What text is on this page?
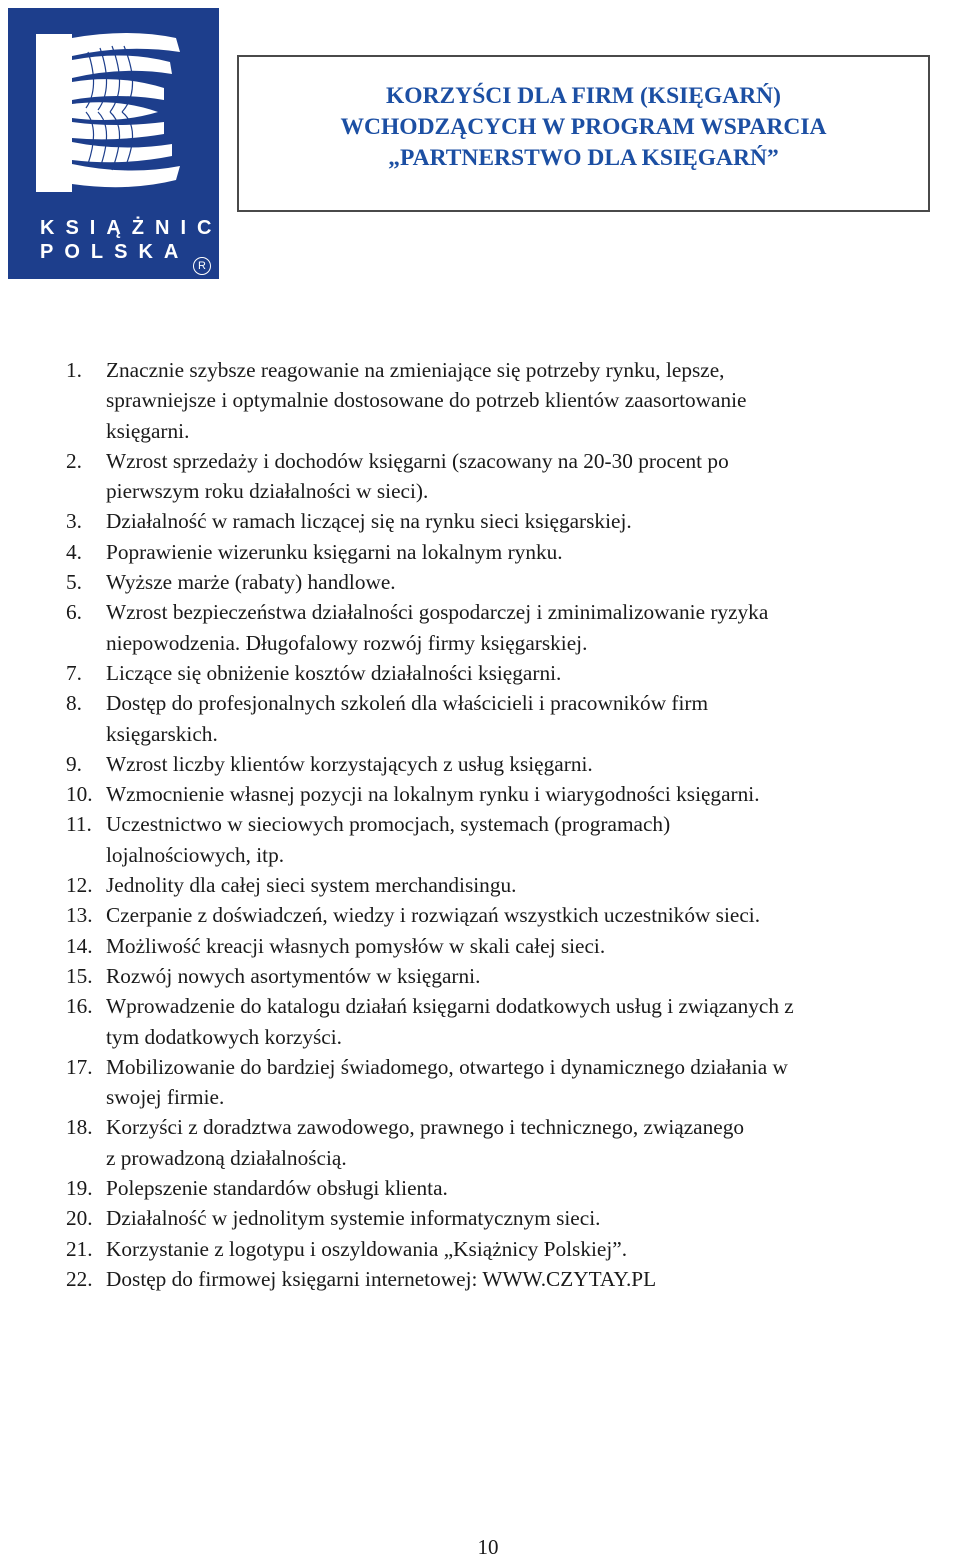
KSIĄŻNICA
POLSKA
R
KORZYŚCI DLA FIRM (KSIĘGARŃ)
WCHODZĄCYCH W PROGRAM WSPARCIA
„PARTNERSTWO DLA KSIĘGARŃ”
1. Znacznie szybsze reagowanie na zmieniające się potrzeby rynku, lepsze,
sprawniejsze i optymalnie dostosowane do potrzeb klientów zaasortowanie
księgarni.
2. Wzrost sprzedaży i dochodów księgarni (szacowany na 20-30 procent po
pierwszym roku działalności w sieci).
3. Działalność w ramach liczącej się na rynku sieci księgarskiej.
4. Poprawienie wizerunku księgarni na lokalnym rynku.
5. Wyższe marże (rabaty) handlowe.
6. Wzrost bezpieczeństwa działalności gospodarczej i zminimalizowanie ryzyka
niepowodzenia. Długofalowy rozwój firmy księgarskiej.
7. Liczące się obniżenie kosztów działalności księgarni.
8. Dostęp do profesjonalnych szkoleń dla właścicieli i pracowników firm
księgarskich.
9. Wzrost liczby klientów korzystających z usług księgarni.
10. Wzmocnienie własnej pozycji na lokalnym rynku i wiarygodności księgarni.
11. Uczestnictwo w sieciowych promocjach, systemach (programach)
lojalnościowych, itp.
12. Jednolity dla całej sieci system merchandisingu.
13. Czerpanie z doświadczeń, wiedzy i rozwiązań wszystkich uczestników sieci.
14. Możliwość kreacji własnych pomysłów w skali całej sieci.
15. Rozwój nowych asortymentów w księgarni.
16. Wprowadzenie do katalogu działań księgarni dodatkowych usług i związanych z
tym dodatkowych korzyści.
17. Mobilizowanie do bardziej świadomego, otwartego i dynamicznego działania w
swojej firmie.
18. Korzyści z doradztwa zawodowego, prawnego i technicznego, związanego
z prowadzoną działalnością.
19. Polepszenie standardów obsługi klienta.
20. Działalność w jednolitym systemie informatycznym sieci.
21. Korzystanie z logotypu i oszyldowania „Książnicy Polskiej”.
22. Dostęp do firmowej księgarni internetowej: WWW.CZYTAY.PL
10
